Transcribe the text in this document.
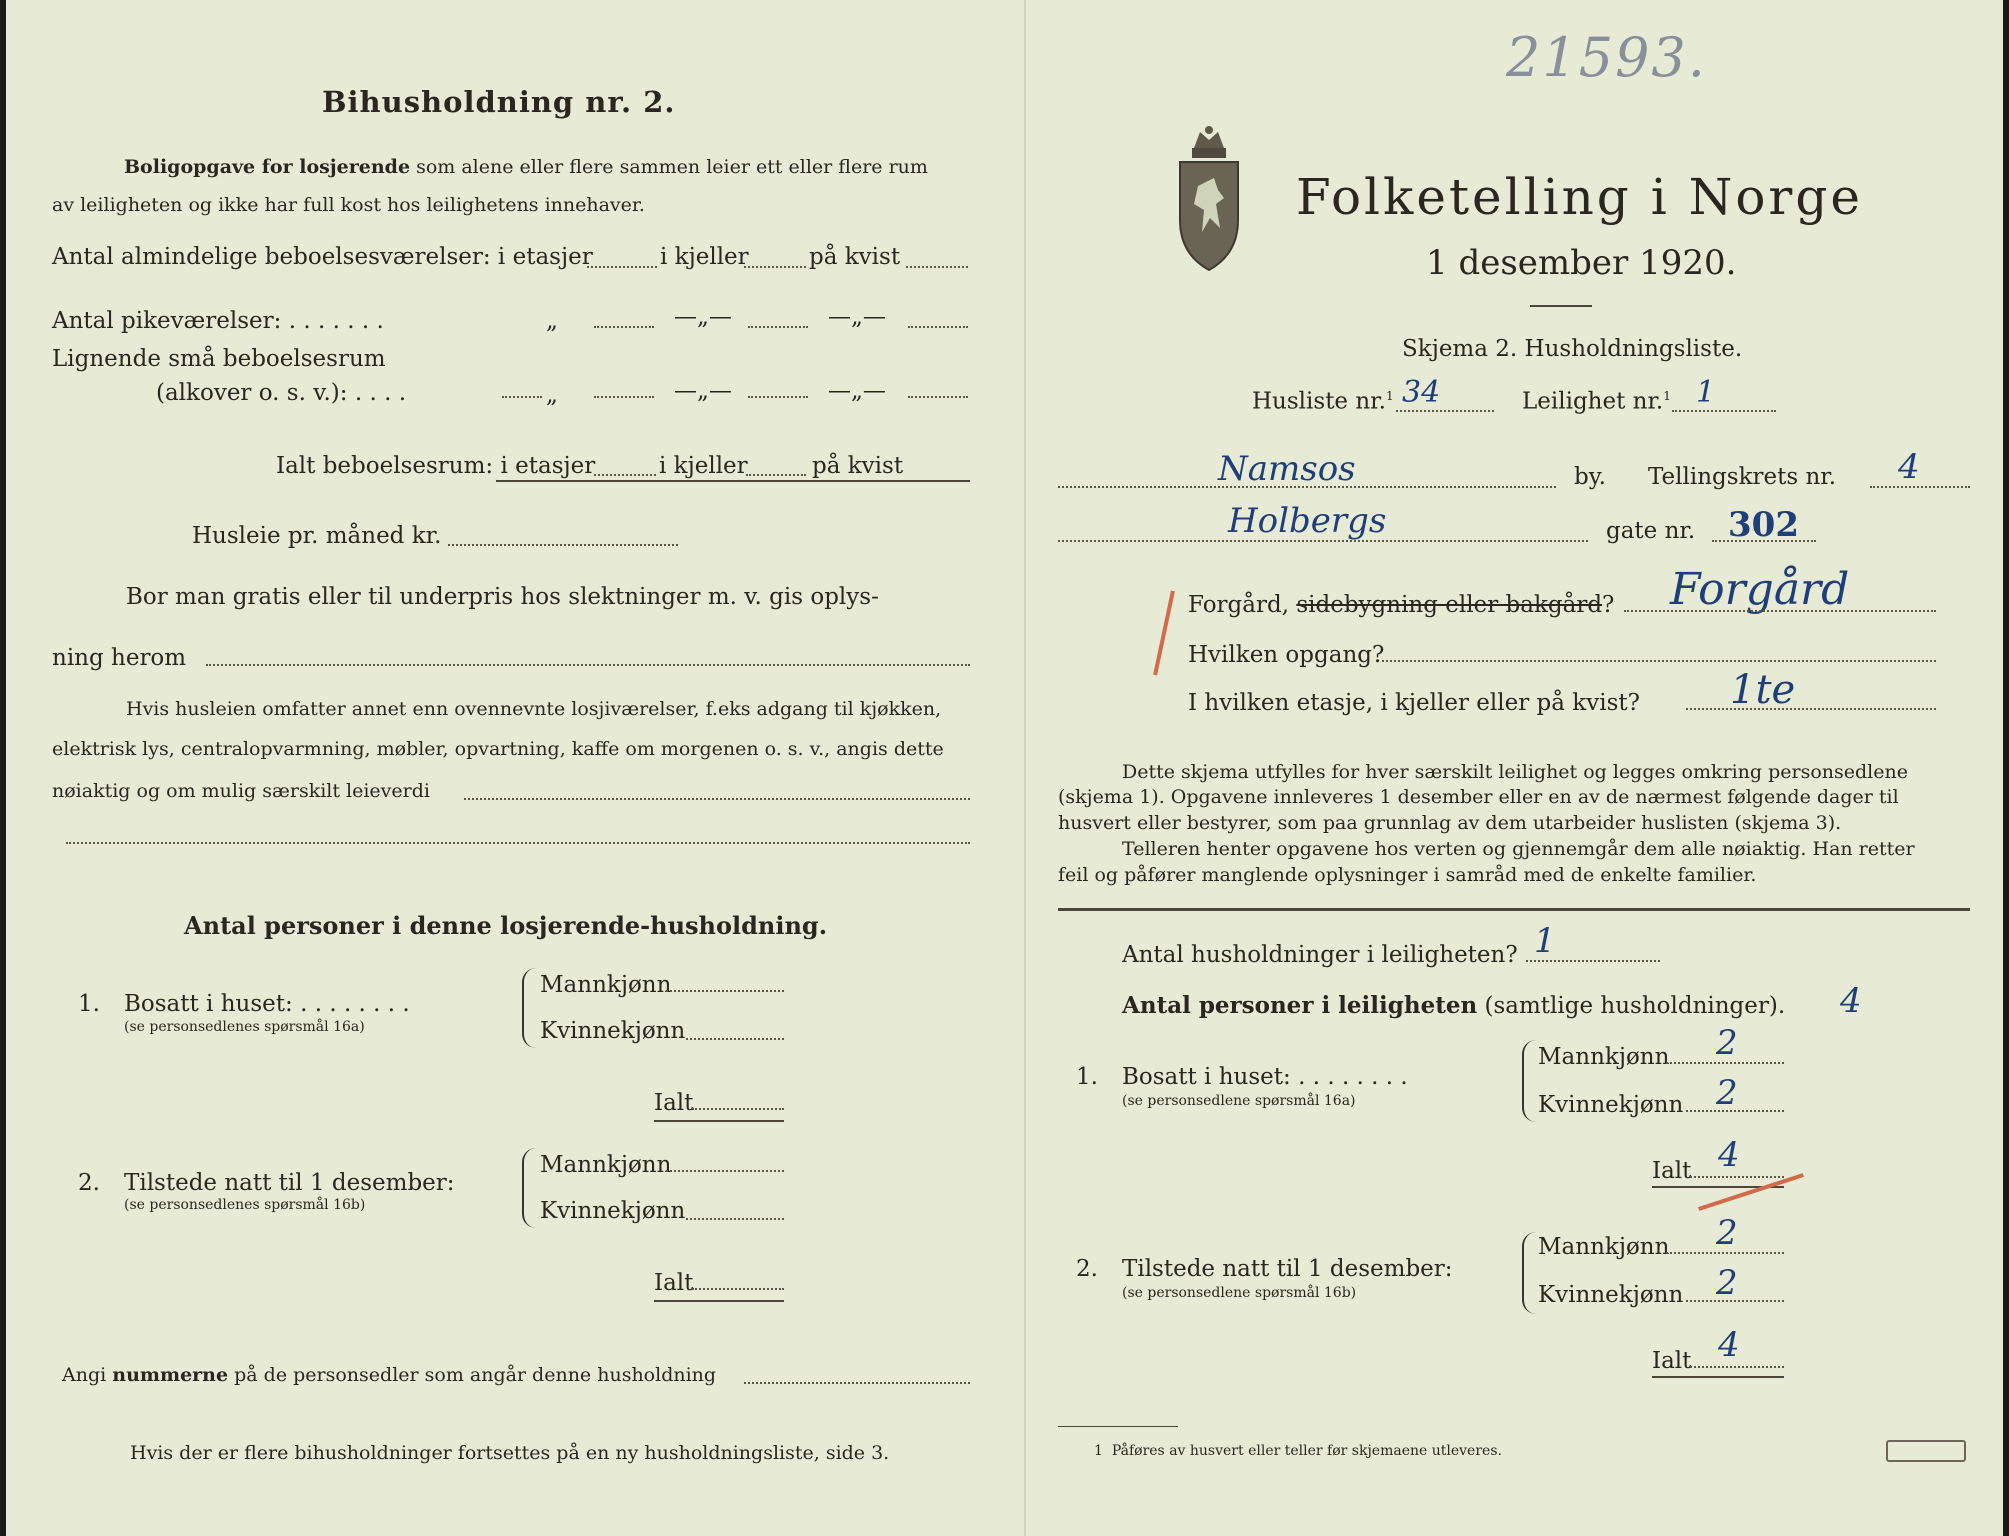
Bihusholdning nr. 2.
Boligopgave for losjerende som alene eller flere sammen leier ett eller flere rum
av leiligheten og ikke har full kost hos leilighetens innehaver.
Antal almindelige beboelsesværelser: i etasjer	i kjeller	på kvist
Antal pikeværelser: . . . . . . .	„	—„—	—„—
Lignende små beboelsesrum
(alkover o. s. v.): . . . .	„	—„—	—„—
Ialt beboelsesrum: i etasjer	i kjeller	på kvist
Husleie pr. måned kr.
Bor man gratis eller til underpris hos slektninger m. v. gis oplys-
ning herom
Hvis husleien omfatter annet enn ovennevnte losjiværelser, f.eks adgang til kjøkken,
elektrisk lys, centralopvarmning, møbler, opvartning, kaffe om morgenen o. s. v., angis dette
nøiaktig og om mulig særskilt leieverdi
Antal personer i denne losjerende-husholdning.
1. Bosatt i huset: . . . . . . . .
(se personsedlenes spørsmål 16a)
Mannkjønn
Kvinnekjønn
Ialt
2. Tilstede natt til 1 desember:
(se personsedlenes spørsmål 16b)
Mannkjønn
Kvinnekjønn
Ialt
Angi nummerne på de personsedler som angår denne husholdning
Hvis der er flere bihusholdninger fortsettes på en ny husholdningsliste, side 3.
21593.
Folketelling i Norge
1 desember 1920.
Skjema 2. Husholdningsliste.
Husliste nr.$^1$ 34	Leilighet nr.$^1$ 1
Namsos	by. Tellingskrets nr. 4
Holbergs	gate nr. 302
Forgård, sidebygning eller bakgård? Forgård
Hvilken opgang?
I hvilken etasje, i kjeller eller på kvist? 1te
Dette skjema utfylles for hver særskilt leilighet og legges omkring personsedlene
(skjema 1). Opgavene innleveres 1 desember eller en av de nærmest følgende dager til
husvert eller bestyrer, som paa grunnlag av dem utarbeider huslisten (skjema 3).
Telleren henter opgavene hos verten og gjennemgår dem alle nøiaktig. Han retter
feil og påfører manglende oplysninger i samråd med de enkelte familier.
Antal husholdninger i leiligheten? 1
Antal personer i leiligheten (samtlige husholdninger). 4
1. Bosatt i huset: . . . . . . . .
(se personsedlene spørsmål 16a)
Mannkjønn 2
Kvinnekjønn 2
Ialt 4
2. Tilstede natt til 1 desember:
(se personsedlene spørsmål 16b)
Mannkjønn 2
Kvinnekjønn 2
Ialt 4
1 Påføres av husvert eller teller før skjemaene utleveres.
